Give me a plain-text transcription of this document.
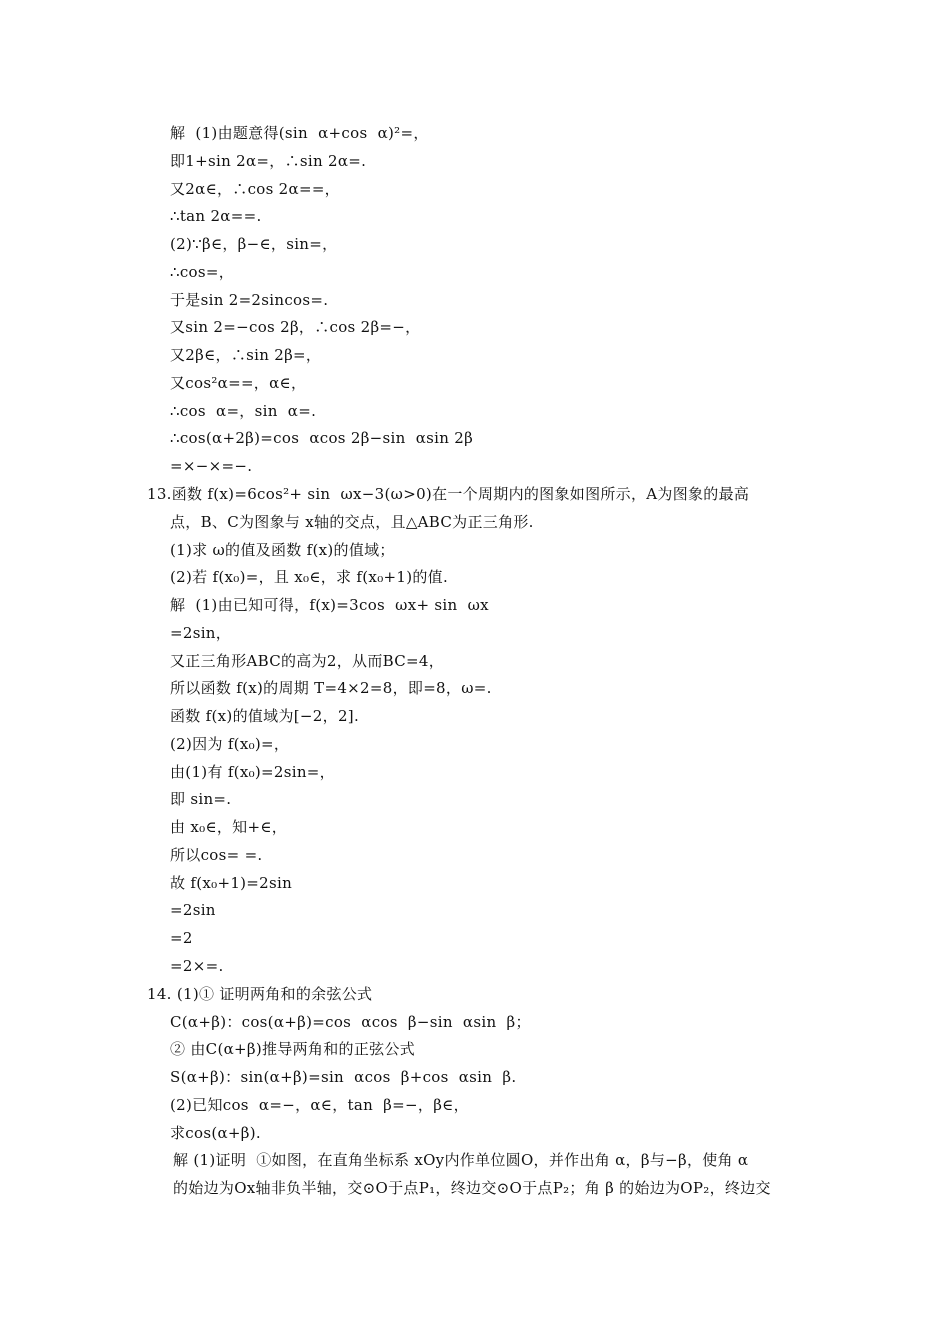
解  (1)由题意得(sin  α+cos  α)²=，
即1+sin 2α=，∴sin 2α=.
又2α∈，∴cos 2α==，
∴tan 2α==.
(2)∵β∈，β−∈，sin=，
∴cos=，
于是sin 2=2sincos=.
又sin 2=−cos 2β，∴cos 2β=−，
又2β∈，∴sin 2β=，
又cos²α==，α∈，
∴cos  α=，sin  α=.
∴cos(α+2β)=cos  αcos 2β−sin  αsin 2β
=×−×=−.
13.函数 f(x)=6cos²+ sin  ωx−3(ω>0)在一个周期内的图象如图所示，A为图象的最高
点，B、C为图象与 x轴的交点，且△ABC为正三角形.
(1)求 ω的值及函数 f(x)的值域；
(2)若 f(x₀)=，且 x₀∈，求 f(x₀+1)的值.
解  (1)由已知可得，f(x)=3cos  ωx+ sin  ωx
=2sin，
又正三角形ABC的高为2，从而BC=4，
所以函数 f(x)的周期 T=4×2=8，即=8，ω=.
函数 f(x)的值域为[−2，2].
(2)因为 f(x₀)=，
由(1)有 f(x₀)=2sin=，
即 sin=.
由 x₀∈，知+∈，
所以cos= =.
故 f(x₀+1)=2sin
=2sin
=2
=2×=.
14. (1)① 证明两角和的余弦公式
C(α+β)：cos(α+β)=cos  αcos  β−sin  αsin  β；
② 由C(α+β)推导两角和的正弦公式
S(α+β)：sin(α+β)=sin  αcos  β+cos  αsin  β.
(2)已知cos  α=−，α∈，tan  β=−，β∈，
求cos(α+β).
解 (1)证明  ①如图，在直角坐标系 xOy内作单位圆O，并作出角 α，β与−β，使角 α
的始边为Ox轴非负半轴，交⊙O于点P₁，终边交⊙O于点P₂；角 β 的始边为OP₂，终边交
